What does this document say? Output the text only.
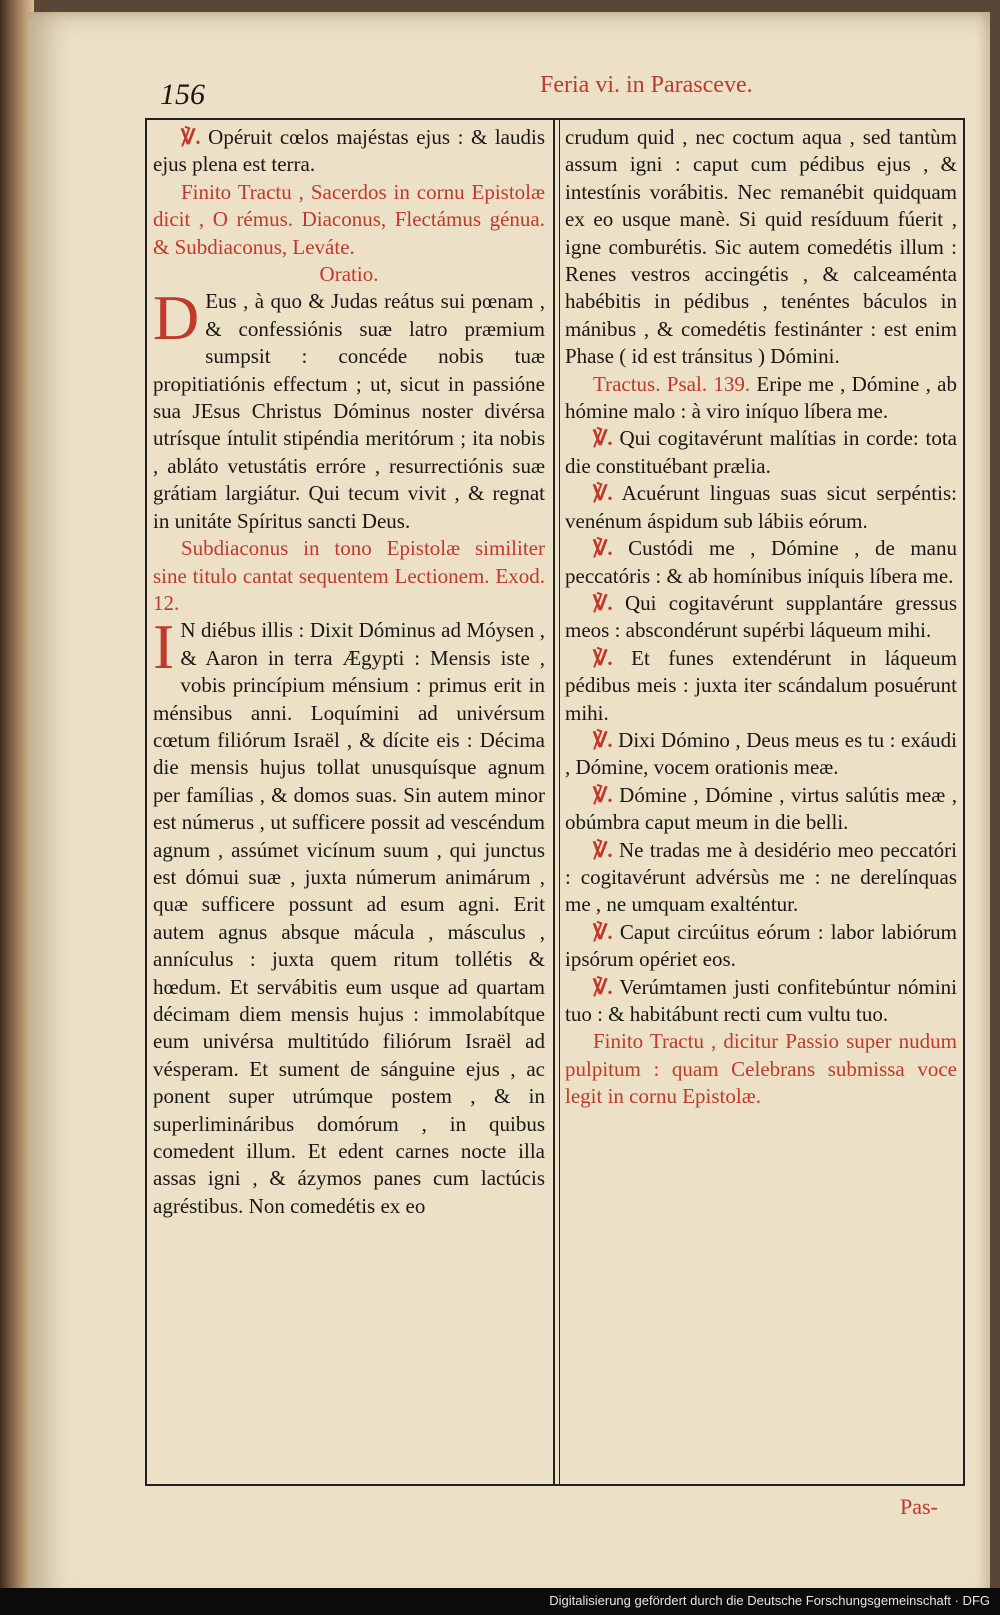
156	Feria vi. in Parasceve.

℣. Opéruit cœlos majéstas ejus : & laudis ejus plena est terra.

Finito Tractu , Sacerdos in cornu Epistolæ dicit , O rémus. Diaconus, Flectámus génua. & Subdiaconus, Leváte.

Oratio.

D Eus , à quo & Judas reátus sui pœnam , & confessiónis suæ latro præmium sumpsit : concéde nobis tuæ propitiatiónis effectum ; ut, sicut in passióne sua JEsus Christus Dóminus noster divérsa utrísque íntulit stipéndia meritórum ; ita nobis , abláto vetustátis erróre , resurrectiónis suæ grátiam largiátur. Qui tecum vivit , & regnat in unitáte Spíritus sancti Deus.

Subdiaconus in tono Epistolæ similiter sine titulo cantat sequentem Lectionem. Exod. 12.

I N diébus illis : Dixit Dóminus ad Móysen , & Aaron in terra Ægypti : Mensis iste , vobis princípium ménsium : primus erit in ménsibus anni. Loquímini ad univérsum cœtum filiórum Israël , & dícite eis : Décima die mensis hujus tollat unusquísque agnum per famílias , & domos suas. Sin autem minor est númerus , ut sufficere possit ad vescéndum agnum , assúmet vicínum suum , qui junctus est dómui suæ , juxta númerum animárum , quæ sufficere possunt ad esum agni. Erit autem agnus absque mácula , másculus , annículus : juxta quem ritum tollétis & hœdum. Et servábitis eum usque ad quartam décimam diem mensis hujus : immolabítque eum univérsa multitúdo filiórum Israël ad vésperam. Et sument de sánguine ejus , ac ponent super utrúmque postem , & in superlimináribus domórum , in quibus comedent illum. Et edent carnes nocte illa assas igni , & ázymos panes cum lactúcis agréstibus. Non comedétis ex eo

crudum quid , nec coctum aqua , sed tantùm assum igni : caput cum pédibus ejus , & intestínis vorábitis. Nec remanébit quidquam ex eo usque manè. Si quid resíduum fúerit , igne comburétis. Sic autem comedétis illum : Renes vestros accingétis , & calceaménta habébitis in pédibus , tenéntes báculos in mánibus , & comedétis festinánter : est enim Phase ( id est tránsitus ) Dómini.

Tractus. Psal. 139. Eripe me , Dómine , ab hómine malo : à viro iníquo líbera me.

℣. Qui cogitavérunt malítias in corde: tota die constituébant prælia.

℣. Acuérunt linguas suas sicut serpéntis: venénum áspidum sub lábiis eórum.

℣. Custódi me , Dómine , de manu peccatóris : & ab homínibus iníquis líbera me.

℣. Qui cogitavérunt supplantáre gressus meos : abscondérunt supérbi láqueum mihi.

℣. Et funes extendérunt in láqueum pédibus meis : juxta iter scándalum posuérunt mihi.

℣. Dixi Dómino , Deus meus es tu : exáudi , Dómine, vocem orationis meæ.

℣. Dómine , Dómine , virtus salútis meæ , obúmbra caput meum in die belli.

℣. Ne tradas me à desidério meo peccatóri : cogitavérunt advérsùs me : ne derelínquas me , ne umquam exalténtur.

℣. Caput circúitus eórum : labor labiórum ipsórum opériet eos.

℣. Verúmtamen justi confitebúntur nómini tuo : & habitábunt recti cum vultu tuo.

Finito Tractu , dicitur Passio super nudum pulpitum : quam Celebrans submissa voce legit in cornu Epistolæ.

Pas-
Digitalisierung gefördert durch die Deutsche Forschungsgemeinschaft · DFG
